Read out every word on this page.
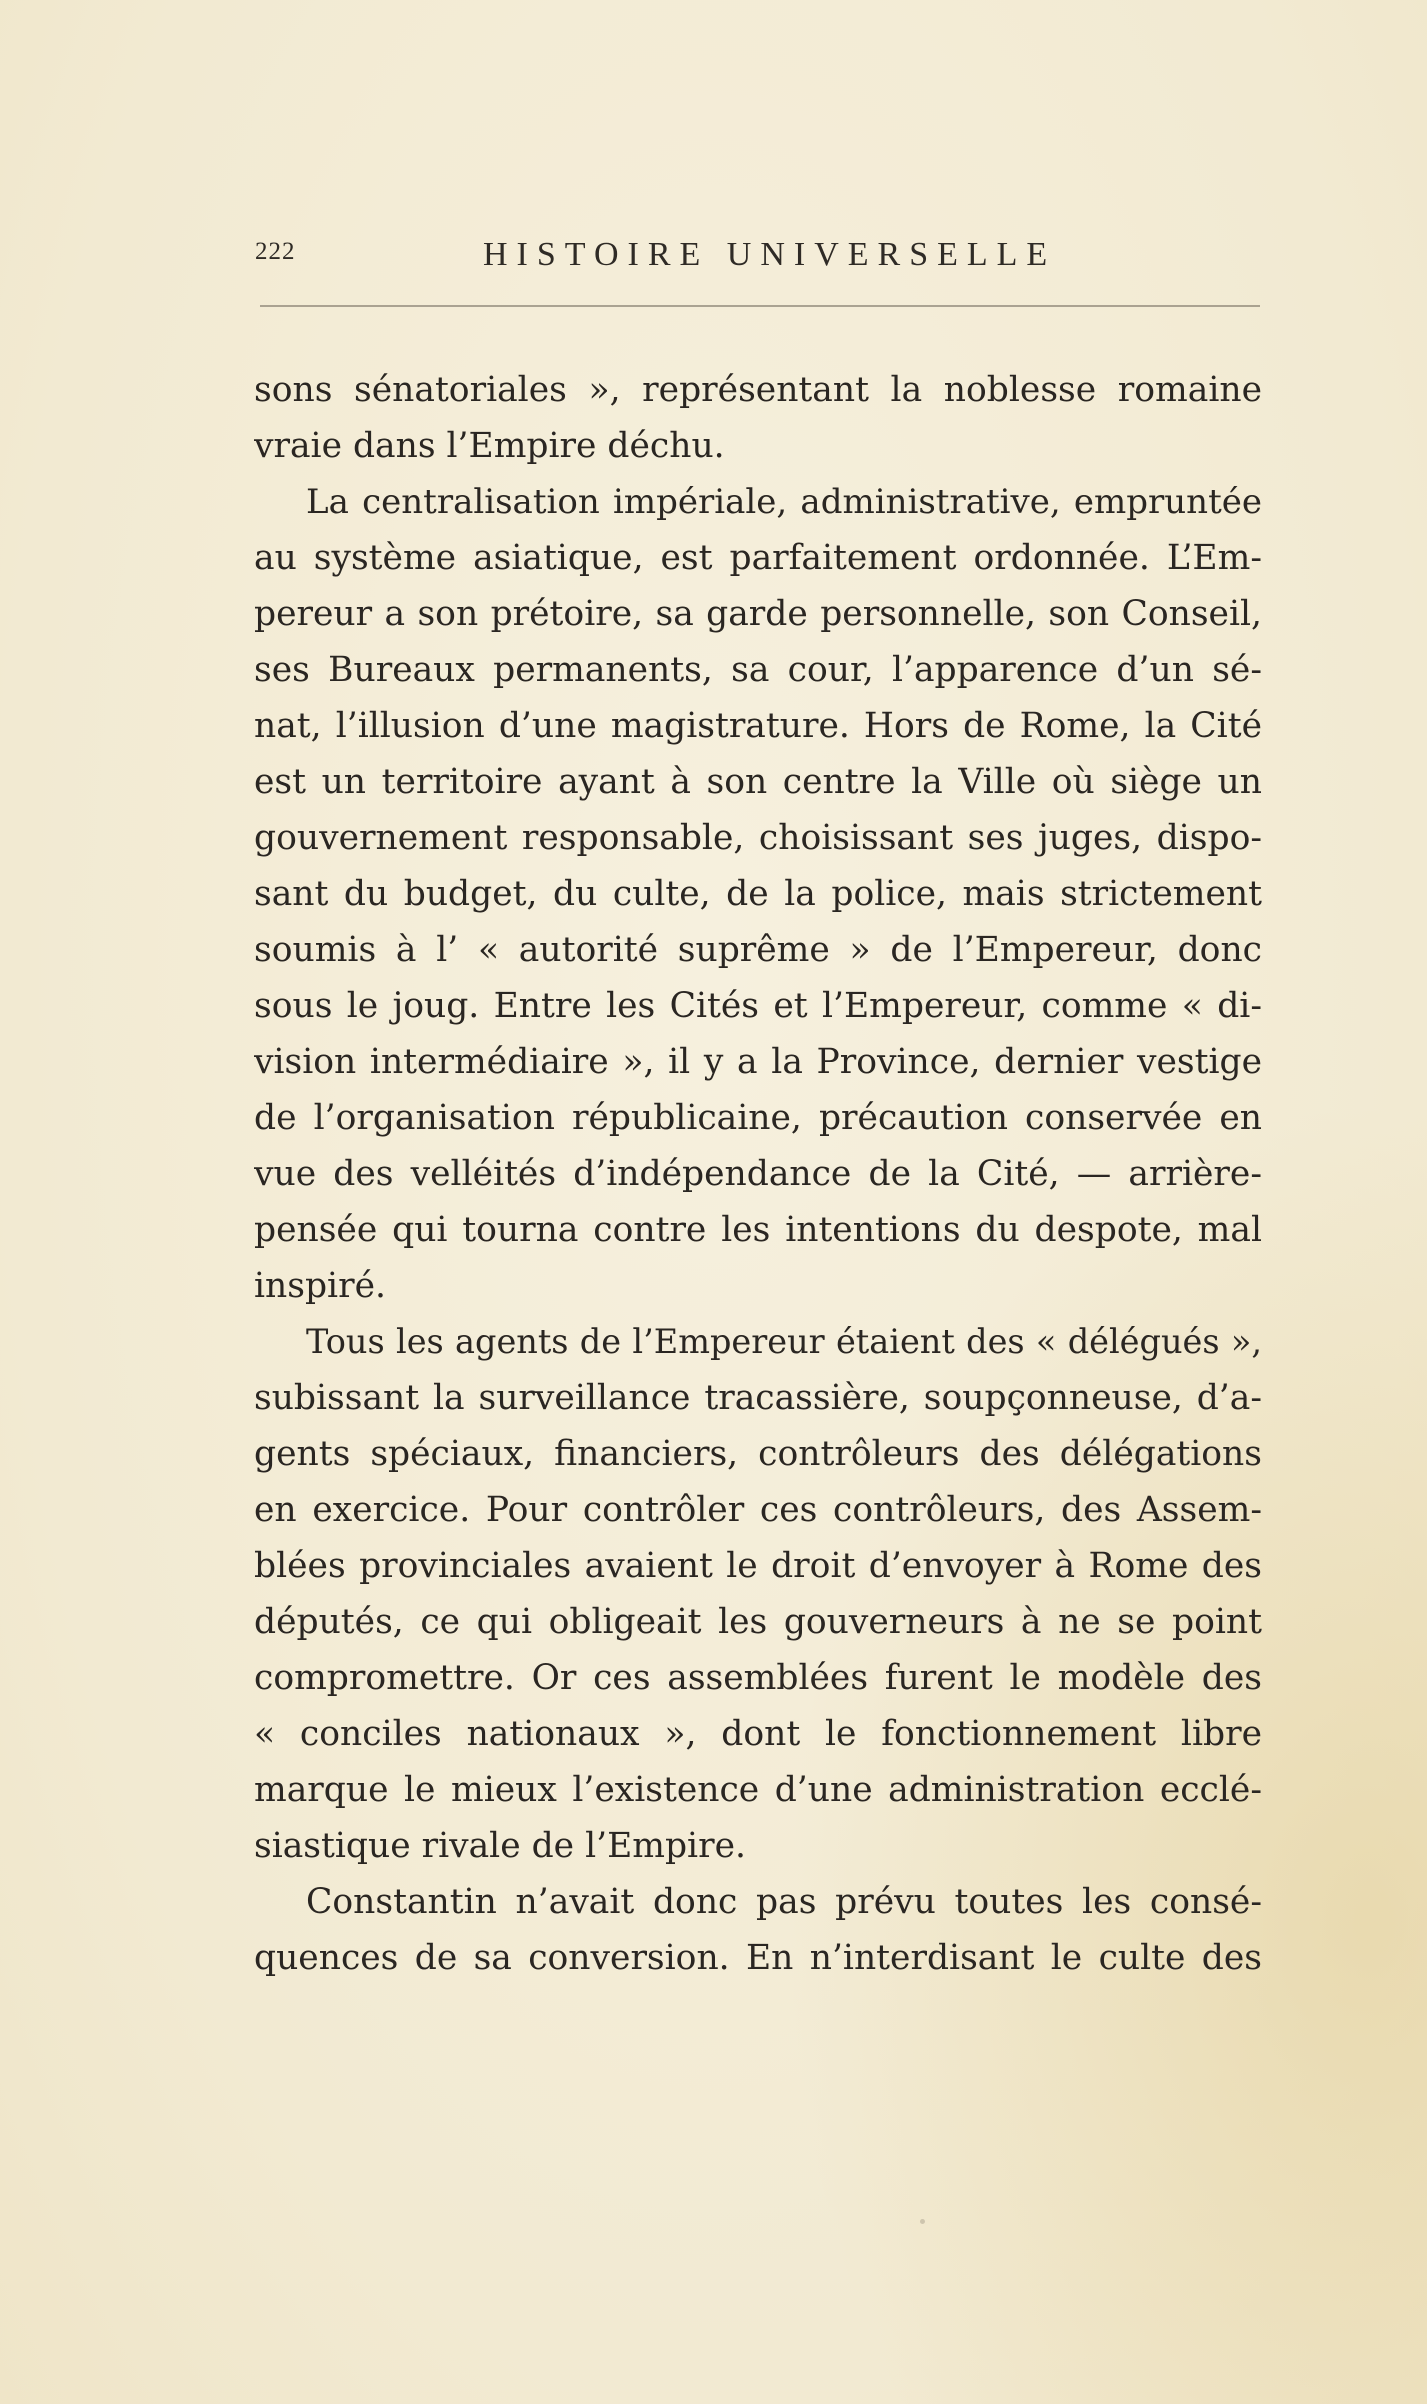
222	HISTOIRE UNIVERSELLE
sons sénatoriales », représentant la noblesse romaine
vraie dans l’Empire déchu.
La centralisation impériale, administrative, empruntée
au système asiatique, est parfaitement ordonnée. L’Em-
pereur a son prétoire, sa garde personnelle, son Conseil,
ses Bureaux permanents, sa cour, l’apparence d’un sé-
nat, l’illusion d’une magistrature. Hors de Rome, la Cité
est un territoire ayant à son centre la Ville où siège un
gouvernement responsable, choisissant ses juges, dispo-
sant du budget, du culte, de la police, mais strictement
soumis à l’ « autorité suprême » de l’Empereur, donc
sous le joug. Entre les Cités et l’Empereur, comme « di-
vision intermédiaire », il y a la Province, dernier vestige
de l’organisation républicaine, précaution conservée en
vue des velléités d’indépendance de la Cité, — arrière-
pensée qui tourna contre les intentions du despote, mal
inspiré.
Tous les agents de l’Empereur étaient des « délégués »,
subissant la surveillance tracassière, soupçonneuse, d’a-
gents spéciaux, financiers, contrôleurs des délégations
en exercice. Pour contrôler ces contrôleurs, des Assem-
blées provinciales avaient le droit d’envoyer à Rome des
députés, ce qui obligeait les gouverneurs à ne se point
compromettre. Or ces assemblées furent le modèle des
« conciles nationaux », dont le fonctionnement libre
marque le mieux l’existence d’une administration ecclé-
siastique rivale de l’Empire.
Constantin n’avait donc pas prévu toutes les consé-
quences de sa conversion. En n’interdisant le culte des
